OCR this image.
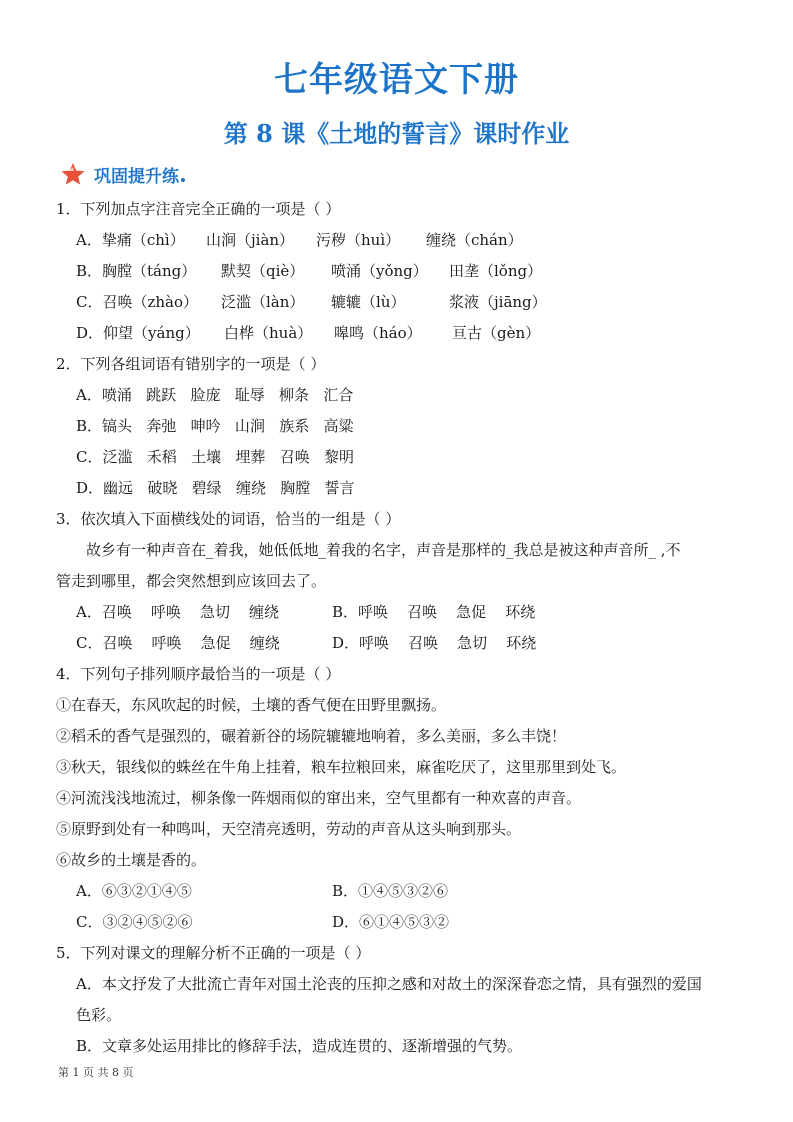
七年级语文下册
第 8 课《土地的誓言》课时作业
巩固提升练
1．下列加点字注音完全正确的一项是（ ）
A．挚痛（chì） 山涧（jiàn） 污秽（huì） 缠绕（chán）
B．胸膛（táng） 默契（qiè） 喷涌（yǒng） 田垄（lǒng）
C．召唤（zhào） 泛滥（làn） 辘辘（lù）	浆液（jiāng）
D．仰望（yáng） 白桦（huà） 嗥鸣（háo） 亘古（gèn）
2．下列各组词语有错别字的一项是（ ）
A．喷涌   跳跃   脸庞   耻辱   柳条   汇合
B．镐头   奔弛   呻吟   山涧   族系   高粱
C．泛滥   禾稻   土壤   埋葬   召唤   黎明
D．幽远   破晓   碧绿   缠绕   胸膛   誓言
3．依次填入下面横线处的词语，恰当的一组是（ ）

故乡有一种声音在_着我，她低低地_着我的名字，声音是那样的_我总是被这种声音所_ ,不

管走到哪里，都会突然想到应该回去了。

A．召唤    呼唤    急切    缠绕	B．呼唤    召唤    急促    环绕
C．召唤    呼唤    急促    缠绕	D．呼唤    召唤    急切    环绕
4．下列句子排列顺序最恰当的一项是（ ）
①在春天，东风吹起的时候，土壤的香气便在田野里飘扬。
②稻禾的香气是强烈的，碾着新谷的场院辘辘地响着，多么美丽，多么丰饶！
③秋天，银线似的蛛丝在牛角上挂着，粮车拉粮回来，麻雀吃厌了，这里那里到处飞。
④河流浅浅地流过，柳条像一阵烟雨似的窜出来，空气里都有一种欢喜的声音。
⑤原野到处有一种鸣叫，天空清亮透明，劳动的声音从这头响到那头。
⑥故乡的土壤是香的。
A．⑥③②①④⑤	B．①④⑤③②⑥
C．③②④⑤②⑥	D．⑥①④⑤③②
5．下列对课文的理解分析不正确的一项是（ ）
A．本文抒发了大批流亡青年对国土沦丧的压抑之感和对故土的深深眷恋之情，具有强烈的爱国
色彩。
B．文章多处运用排比的修辞手法，造成连贯的、逐渐增强的气势。
第 1 页 共 8 页
